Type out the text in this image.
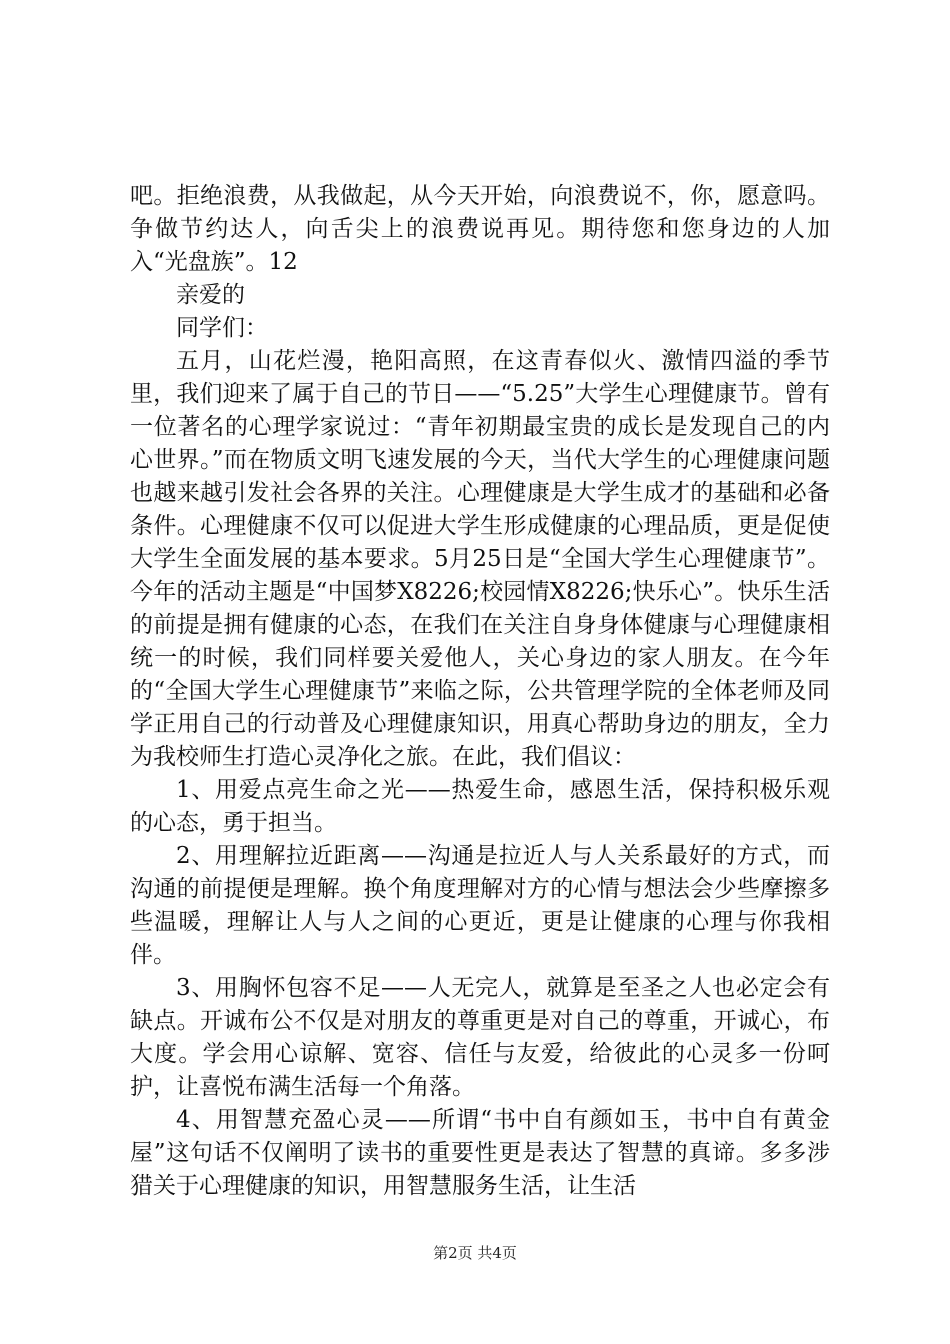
吧。拒绝浪费，从我做起，从今天开始，向浪费说不，你，愿意吗。争做节约达人，向舌尖上的浪费说再见。期待您和您身边的人加入“光盘族”。12

亲爱的

同学们：

五月，山花烂漫，艳阳高照，在这青春似火、激情四溢的季节里，我们迎来了属于自己的节日——“5.25”大学生心理健康节。曾有一位著名的心理学家说过：“青年初期最宝贵的成长是发现自己的内心世界。”而在物质文明飞速发展的今天，当代大学生的心理健康问题也越来越引发社会各界的关注。心理健康是大学生成才的基础和必备条件。心理健康不仅可以促进大学生形成健康的心理品质，更是促使大学生全面发展的基本要求。5月25日是“全国大学生心理健康节”。今年的活动主题是“中国梦X8226;校园情X8226;快乐心”。快乐生活的前提是拥有健康的心态，在我们在关注自身身体健康与心理健康相统一的时候，我们同样要关爱他人，关心身边的家人朋友。在今年的“全国大学生心理健康节”来临之际，公共管理学院的全体老师及同学正用自己的行动普及心理健康知识，用真心帮助身边的朋友，全力为我校师生打造心灵净化之旅。在此，我们倡议：

1、用爱点亮生命之光——热爱生命，感恩生活，保持积极乐观的心态，勇于担当。

2、用理解拉近距离——沟通是拉近人与人关系最好的方式，而沟通的前提便是理解。换个角度理解对方的心情与想法会少些摩擦多些温暖，理解让人与人之间的心更近，更是让健康的心理与你我相伴。

3、用胸怀包容不足——人无完人，就算是至圣之人也必定会有缺点。开诚布公不仅是对朋友的尊重更是对自己的尊重，开诚心，布大度。学会用心谅解、宽容、信任与友爱，给彼此的心灵多一份呵护，让喜悦布满生活每一个角落。

4、用智慧充盈心灵——所谓“书中自有颜如玉，书中自有黄金屋”这句话不仅阐明了读书的重要性更是表达了智慧的真谛。多多涉猎关于心理健康的知识，用智慧服务生活，让生活

第2页 共4页
